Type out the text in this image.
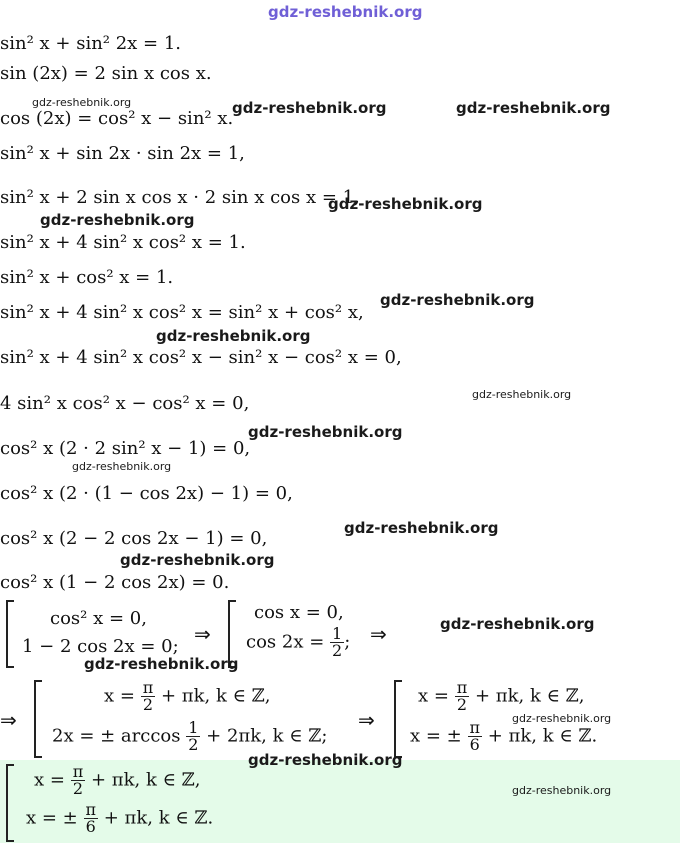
gdz-reshebnik.org
sin² x + sin² 2x = 1.
sin (2x) = 2 sin x cos x.
cos (2x) = cos² x − sin² x.
sin² x + sin 2x · sin 2x = 1,
sin² x + 2 sin x cos x · 2 sin x cos x = 1,
sin² x + 4 sin² x cos² x = 1.
sin² x + cos² x = 1.
sin² x + 4 sin² x cos² x = sin² x + cos² x,
sin² x + 4 sin² x cos² x − sin² x − cos² x = 0,
4 sin² x cos² x − cos² x = 0,
cos² x (2 · 2 sin² x − 1) = 0,
cos² x (2 · (1 − cos 2x) − 1) = 0,
cos² x (2 − 2 cos 2x − 1) = 0,
cos² x (1 − 2 cos 2x) = 0.
cos² x = 0,
1 − 2 cos 2x = 0;
⇒
cos x = 0,
$\cos 2x = \frac{1}{2}$ ; ⇒
⇒
$x = \frac{\pi}{2} + \pi k$, k ∈ ℤ,
2x = ± $\arccos \frac{1}{2} + 2\pi k$, k ∈ ℤ;
⇒
$x = \frac{\pi}{2} + \pi k$, k ∈ ℤ,
x = ± $\frac{\pi}{6} + \pi k$, k ∈ ℤ.
$x = \frac{\pi}{2} + \pi k$, k ∈ ℤ,
x = ± $\frac{\pi}{6} + \pi k$, k ∈ ℤ.
gdz-reshebnik.org	gdz-reshebnik.org	gdz-reshebnik.org
gdz-reshebnik.org
gdz-reshebnik.org
gdz-reshebnik.org
gdz-reshebnik.org
gdz-reshebnik.org
gdz-reshebnik.org
gdz-reshebnik.org
gdz-reshebnik.org
gdz-reshebnik.org
gdz-reshebnik.org
gdz-reshebnik.org
gdz-reshebnik.org
gdz-reshebnik.org
gdz-reshebnik.org
